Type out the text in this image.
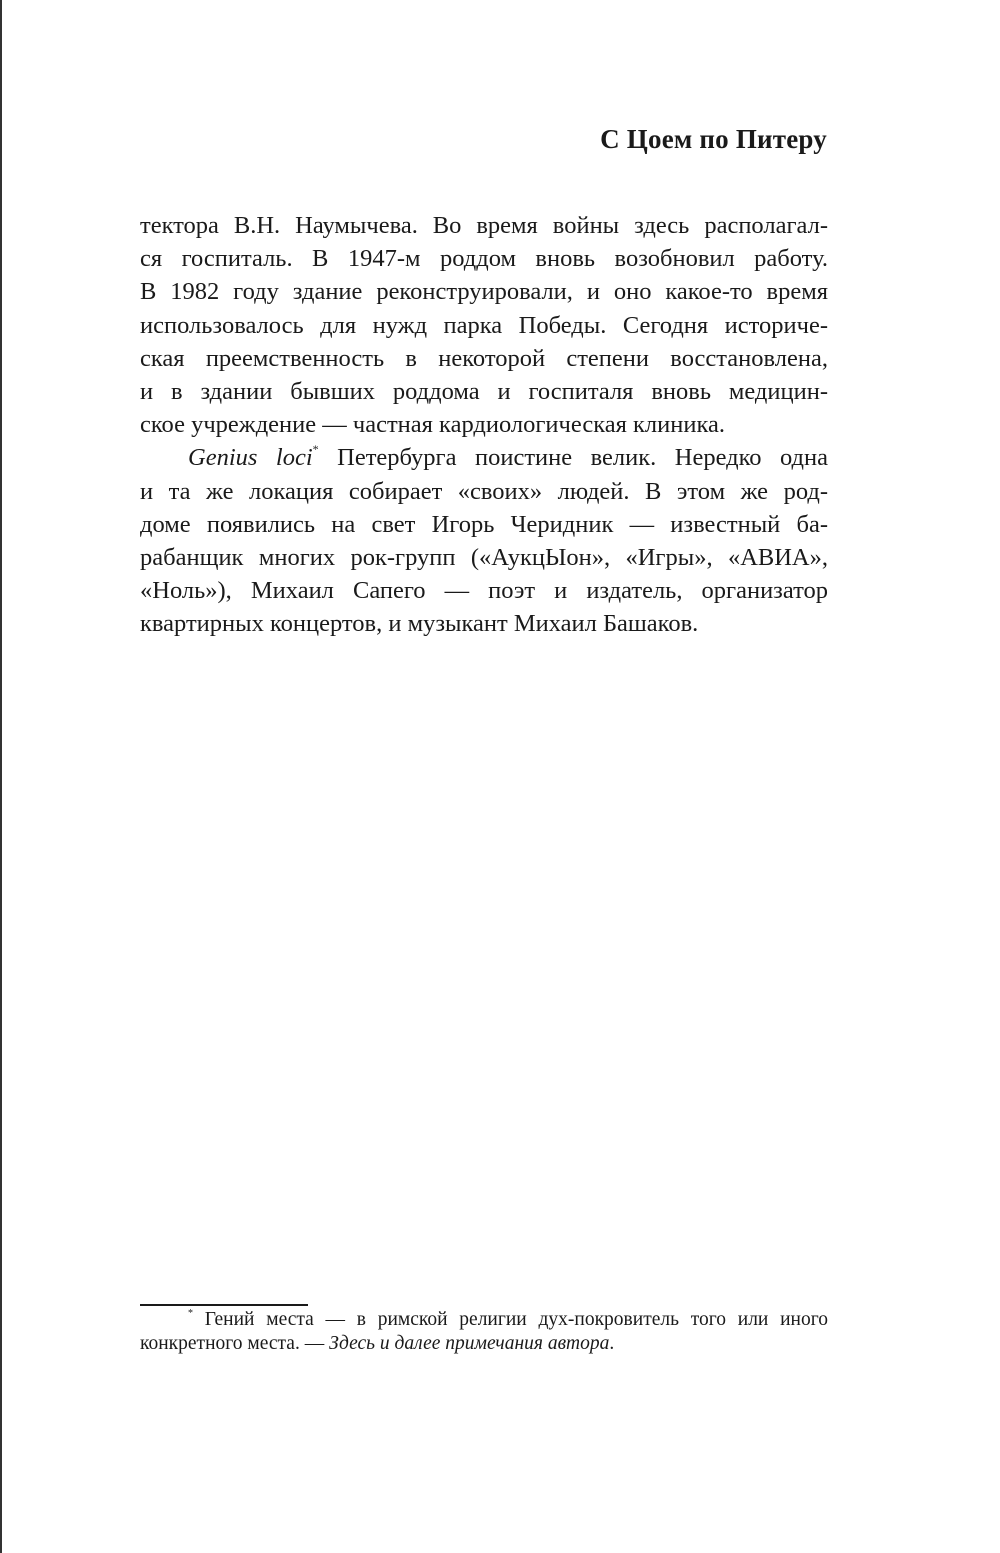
С Цоем по Питеру
тектора В.Н. Наумычева. Во время войны здесь располагал-
ся госпиталь. В 1947-м роддом вновь возобновил работу.
В 1982 году здание реконструировали, и оно какое-то время
использовалось для нужд парка Победы. Сегодня историче-
ская преемственность в некоторой степени восстановлена,
и в здании бывших роддома и госпиталя вновь медицин-
ское учреждение — частная кардиологическая клиника.
Genius loci* Петербурга поистине велик. Нередко одна
и та же локация собирает «своих» людей. В этом же род-
доме появились на свет Игорь Черидник — известный ба-
рабанщик многих рок-групп («АукцЫон», «Игры», «АВИА»,
«Ноль»), Михаил Сапего — поэт и издатель, организатор
квартирных концертов, и музыкант Михаил Башаков.
* Гений места — в римской религии дух-покровитель того или иного
конкретного места. — Здесь и далее примечания автора.
